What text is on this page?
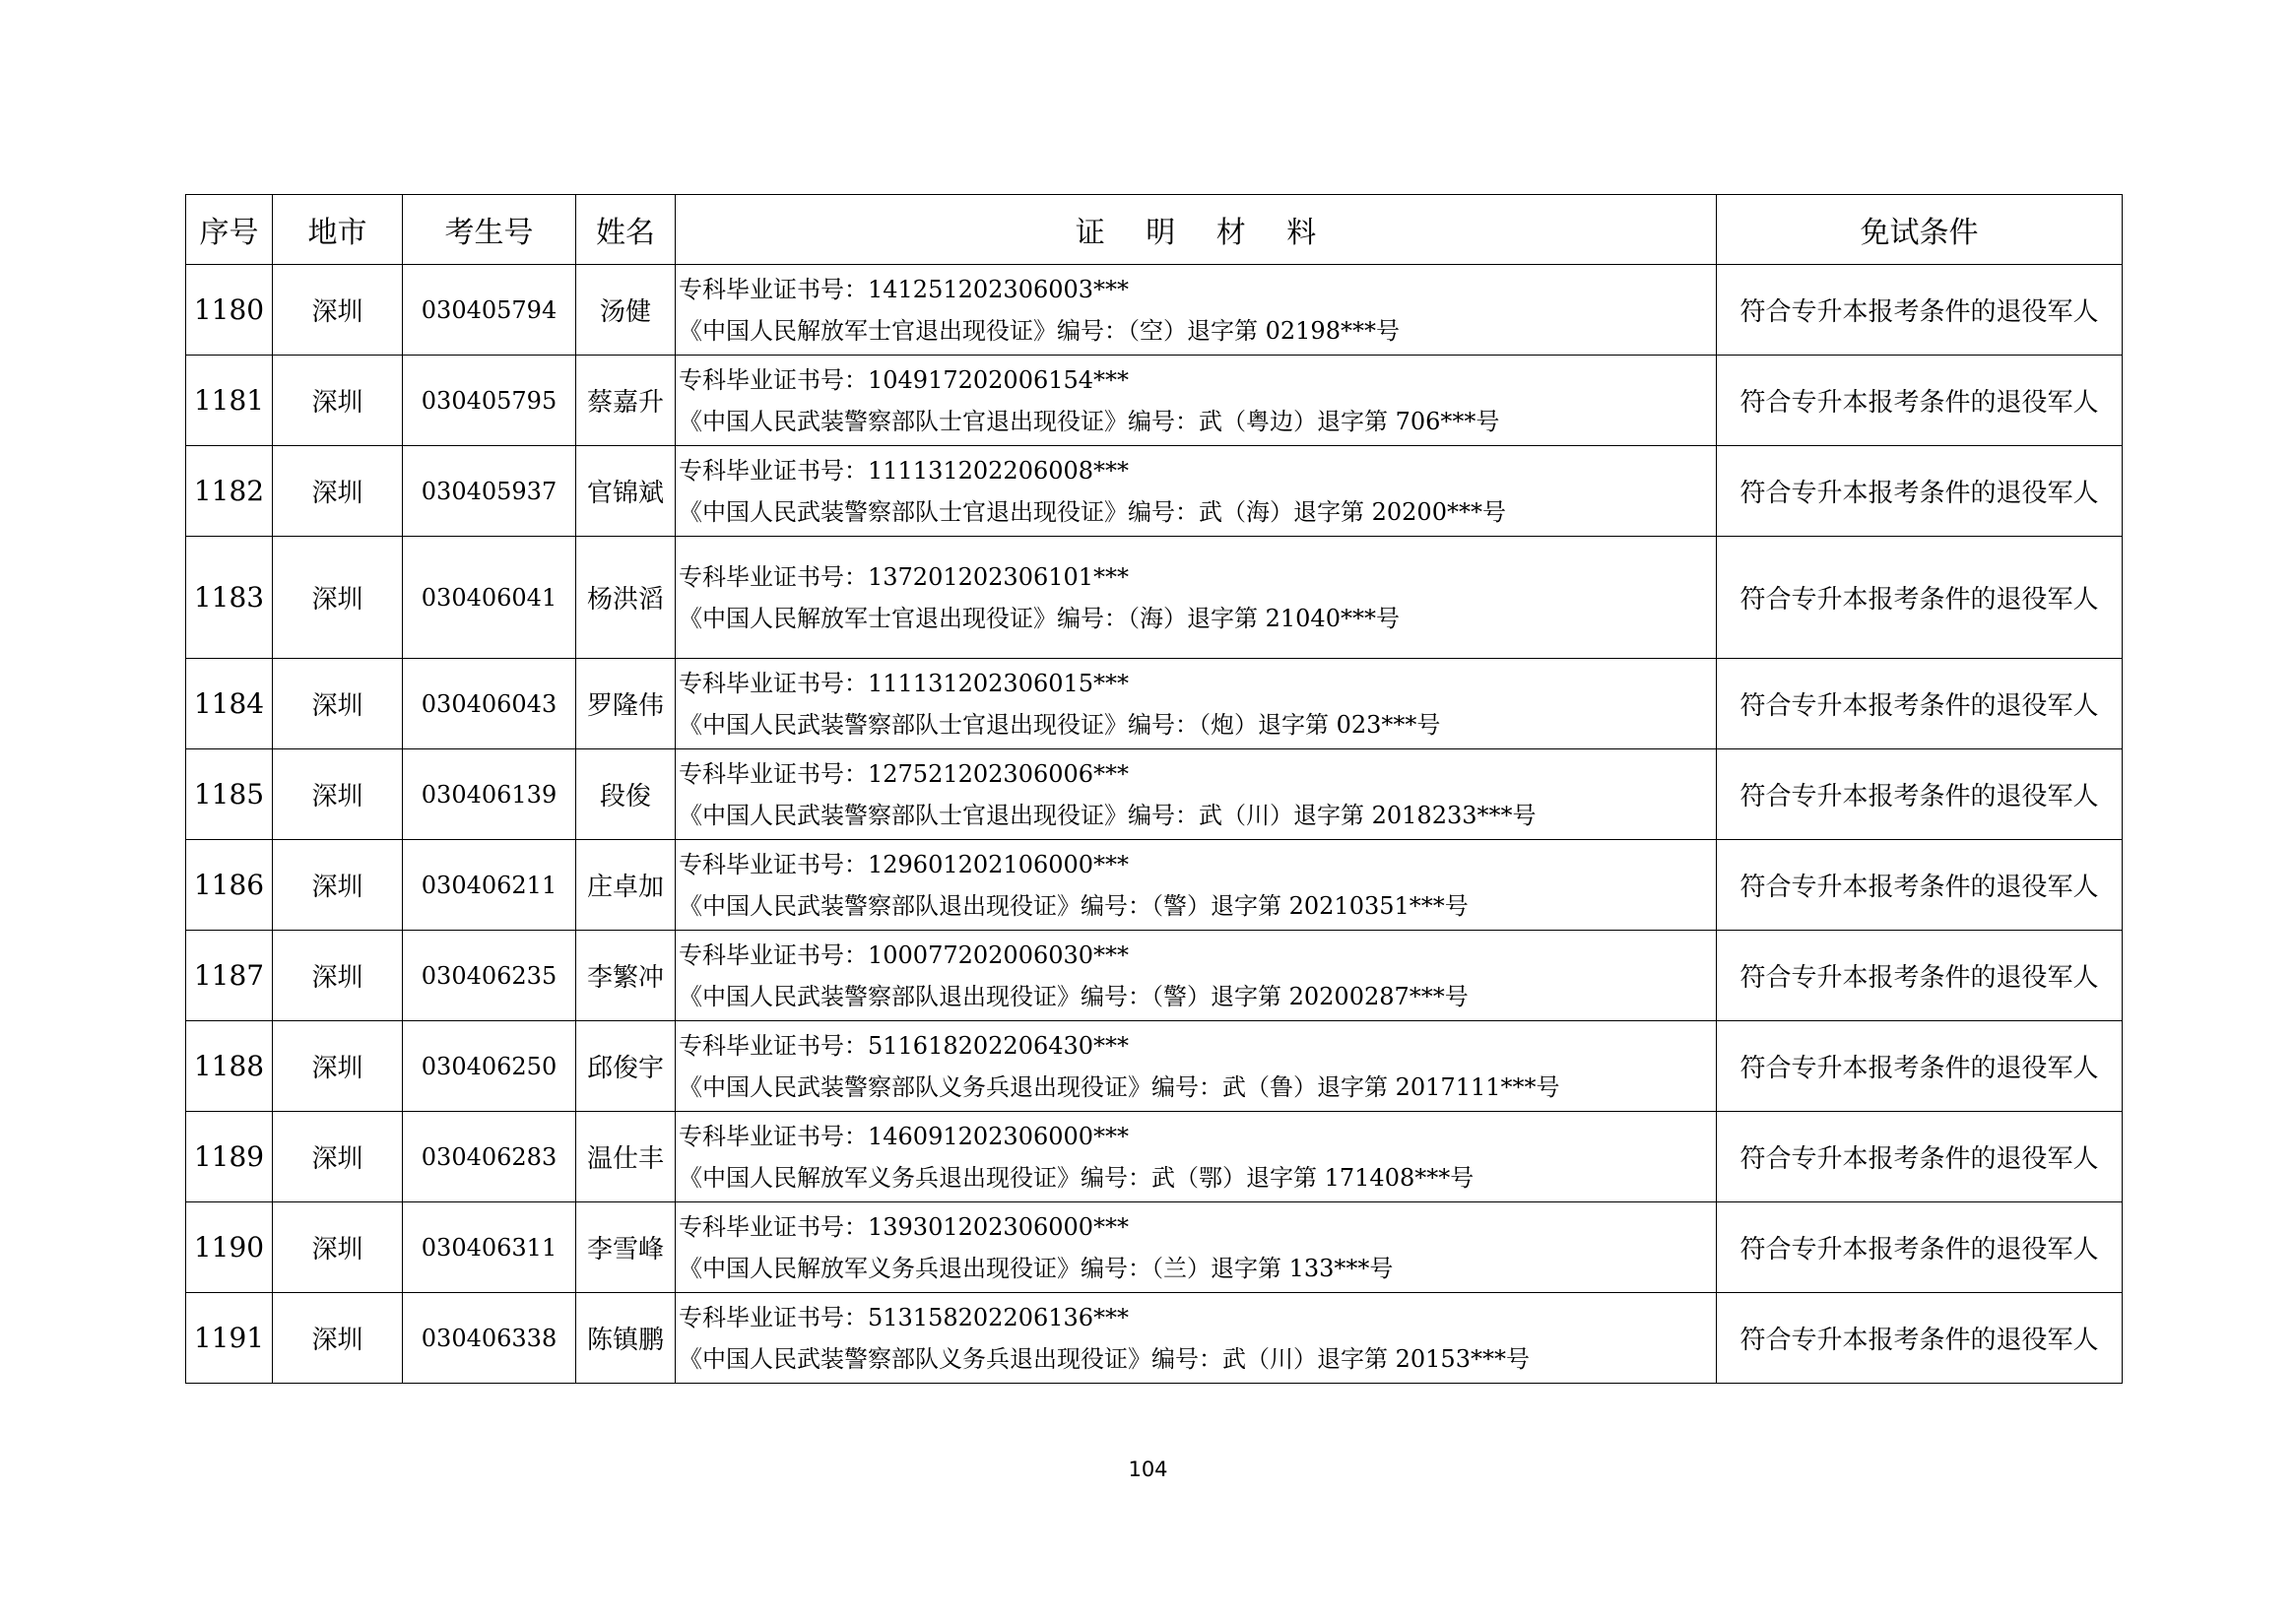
序号	地市	考生号	姓名	证 明 材 料	免试条件
1180	深圳	030405794	汤健	专科毕业证书号：141251202306003***
《中国人民解放军士官退出现役证》编号：（空）退字第 02198***号	符合专升本报考条件的退役军人
1181	深圳	030405795	蔡嘉升	专科毕业证书号：104917202006154***
《中国人民武装警察部队士官退出现役证》编号：武（粤边）退字第 706***号	符合专升本报考条件的退役军人
1182	深圳	030405937	官锦斌	专科毕业证书号：111131202206008***
《中国人民武装警察部队士官退出现役证》编号：武（海）退字第 20200***号	符合专升本报考条件的退役军人
1183	深圳	030406041	杨洪滔	专科毕业证书号：137201202306101***
《中国人民解放军士官退出现役证》编号：（海）退字第 21040***号	符合专升本报考条件的退役军人
1184	深圳	030406043	罗隆伟	专科毕业证书号：111131202306015***
《中国人民武装警察部队士官退出现役证》编号：（炮）退字第 023***号	符合专升本报考条件的退役军人
1185	深圳	030406139	段俊	专科毕业证书号：127521202306006***
《中国人民武装警察部队士官退出现役证》编号：武（川）退字第 2018233***号	符合专升本报考条件的退役军人
1186	深圳	030406211	庄卓加	专科毕业证书号：129601202106000***
《中国人民武装警察部队退出现役证》编号：（警）退字第 20210351***号	符合专升本报考条件的退役军人
1187	深圳	030406235	李繁冲	专科毕业证书号：100077202006030***
《中国人民武装警察部队退出现役证》编号：（警）退字第 20200287***号	符合专升本报考条件的退役军人
1188	深圳	030406250	邱俊宇	专科毕业证书号：511618202206430***
《中国人民武装警察部队义务兵退出现役证》编号：武（鲁）退字第 2017111***号	符合专升本报考条件的退役军人
1189	深圳	030406283	温仕丰	专科毕业证书号：146091202306000***
《中国人民解放军义务兵退出现役证》编号：武（鄂）退字第 171408***号	符合专升本报考条件的退役军人
1190	深圳	030406311	李雪峰	专科毕业证书号：139301202306000***
《中国人民解放军义务兵退出现役证》编号：（兰）退字第 133***号	符合专升本报考条件的退役军人
1191	深圳	030406338	陈镇鹏	专科毕业证书号：513158202206136***
《中国人民武装警察部队义务兵退出现役证》编号：武（川）退字第 20153***号	符合专升本报考条件的退役军人
104
